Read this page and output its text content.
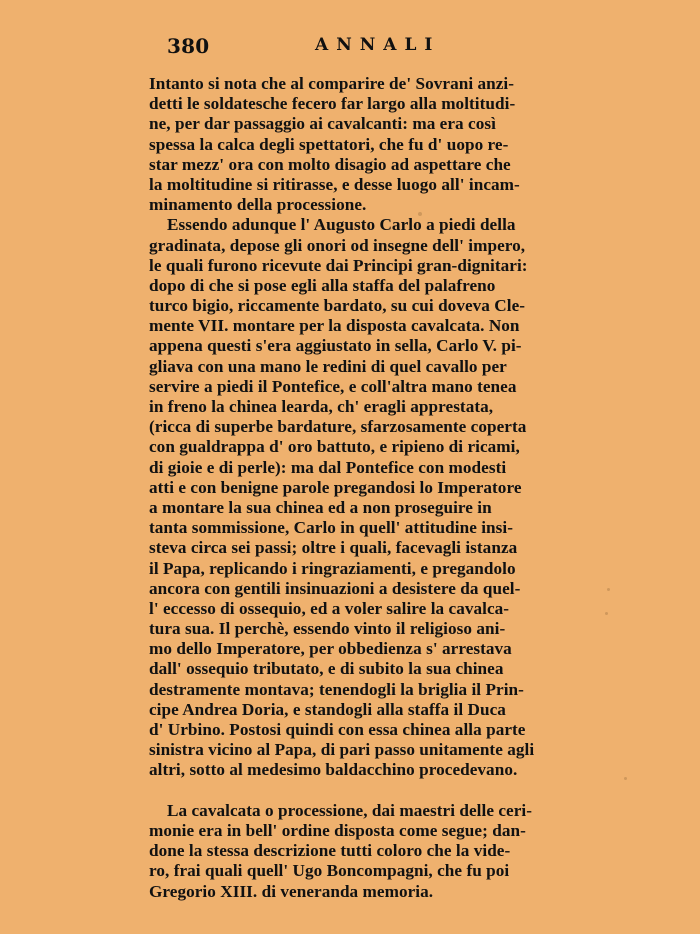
380	ANNALI
Intanto si nota che al comparire de' Sovrani anzi-
detti le soldatesche fecero far largo alla moltitudi-
ne, per dar passaggio ai cavalcanti: ma era così
spessa la calca degli spettatori, che fu d' uopo re-
star mezz' ora con molto disagio ad aspettare che
la moltitudine si ritirasse, e desse luogo all' incam-
minamento della processione.
Essendo adunque l' Augusto Carlo a piedi della
gradinata, depose gli onori od insegne dell' impero,
le quali furono ricevute dai Principi gran-dignitari:
dopo di che si pose egli alla staffa del palafreno
turco bigio, riccamente bardato, su cui doveva Cle-
mente VII. montare per la disposta cavalcata. Non
appena questi s'era aggiustato in sella, Carlo V. pi-
gliava con una mano le redini di quel cavallo per
servire a piedi il Pontefice, e coll'altra mano tenea
in freno la chinea learda, ch' eragli apprestata,
(ricca di superbe bardature, sfarzosamente coperta
con gualdrappa d' oro battuto, e ripieno di ricami,
di gioie e di perle): ma dal Pontefice con modesti
atti e con benigne parole pregandosi lo Imperatore
a montare la sua chinea ed a non proseguire in
tanta sommissione, Carlo in quell' attitudine insi-
steva circa sei passi; oltre i quali, facevagli istanza
il Papa, replicando i ringraziamenti, e pregandolo
ancora con gentili insinuazioni a desistere da quel-
l' eccesso di ossequio, ed a voler salire la cavalca-
tura sua. Il perchè, essendo vinto il religioso ani-
mo dello Imperatore, per obbedienza s' arrestava
dall' ossequio tributato, e di subito la sua chinea
destramente montava; tenendogli la briglia il Prin-
cipe Andrea Doria, e standogli alla staffa il Duca
d' Urbino. Postosi quindi con essa chinea alla parte
sinistra vicino al Papa, di pari passo unitamente agli
altri, sotto al medesimo baldacchino procedevano.
La cavalcata o processione, dai maestri delle ceri-
monie era in bell' ordine disposta come segue; dan-
done la stessa descrizione tutti coloro che la vide-
ro, frai quali quell' Ugo Boncompagni, che fu poi
Gregorio XIII. di veneranda memoria.
